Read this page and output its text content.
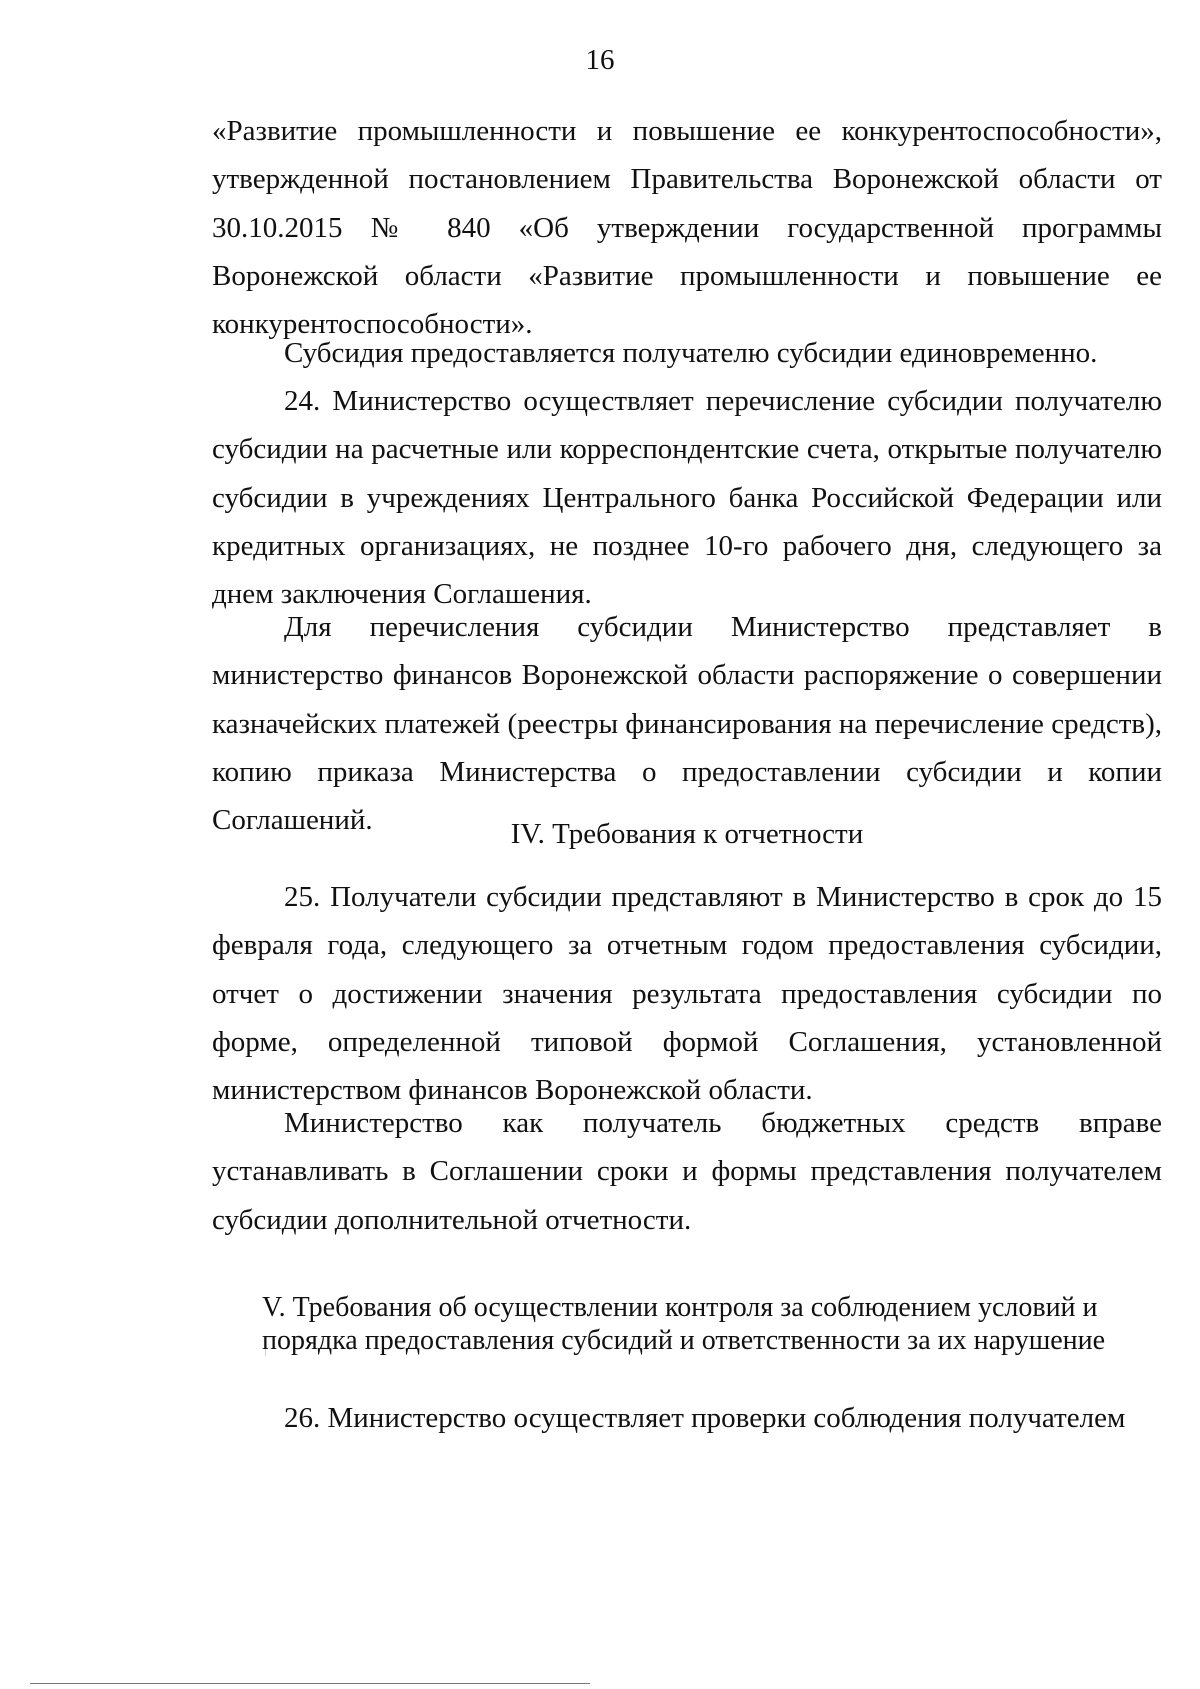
16

«Развитие промышленности и повышение ее конкурентоспособности», утвержденной постановлением Правительства Воронежской области от 30.10.2015 № 840 «Об утверждении государственной программы Воронежской области «Развитие промышленности и повышение ее конкурентоспособности».

Субсидия предоставляется получателю субсидии единовременно.

24. Министерство осуществляет перечисление субсидии получателю субсидии на расчетные или корреспондентские счета, открытые получателю субсидии в учреждениях Центрального банка Российской Федерации или кредитных организациях, не позднее 10-го рабочего дня, следующего за днем заключения Соглашения.

Для перечисления субсидии Министерство представляет в министерство финансов Воронежской области распоряжение о совершении казначейских платежей (реестры финансирования на перечисление средств), копию приказа Министерства о предоставлении субсидии и копии Соглашений.	IV. Требования к отчетности

25. Получатели субсидии представляют в Министерство в срок до 15 февраля года, следующего за отчетным годом предоставления субсидии, отчет о достижении значения результата предоставления субсидии по форме, определенной типовой формой Соглашения, установленной министерством финансов Воронежской области.

Министерство как получатель бюджетных средств вправе устанавливать в Соглашении сроки и формы представления получателем субсидии дополнительной отчетности.

V. Требования об осуществлении контроля за соблюдением условий и
порядка предоставления субсидий и ответственности за их нарушение

26. Министерство осуществляет проверки соблюдения получателем
